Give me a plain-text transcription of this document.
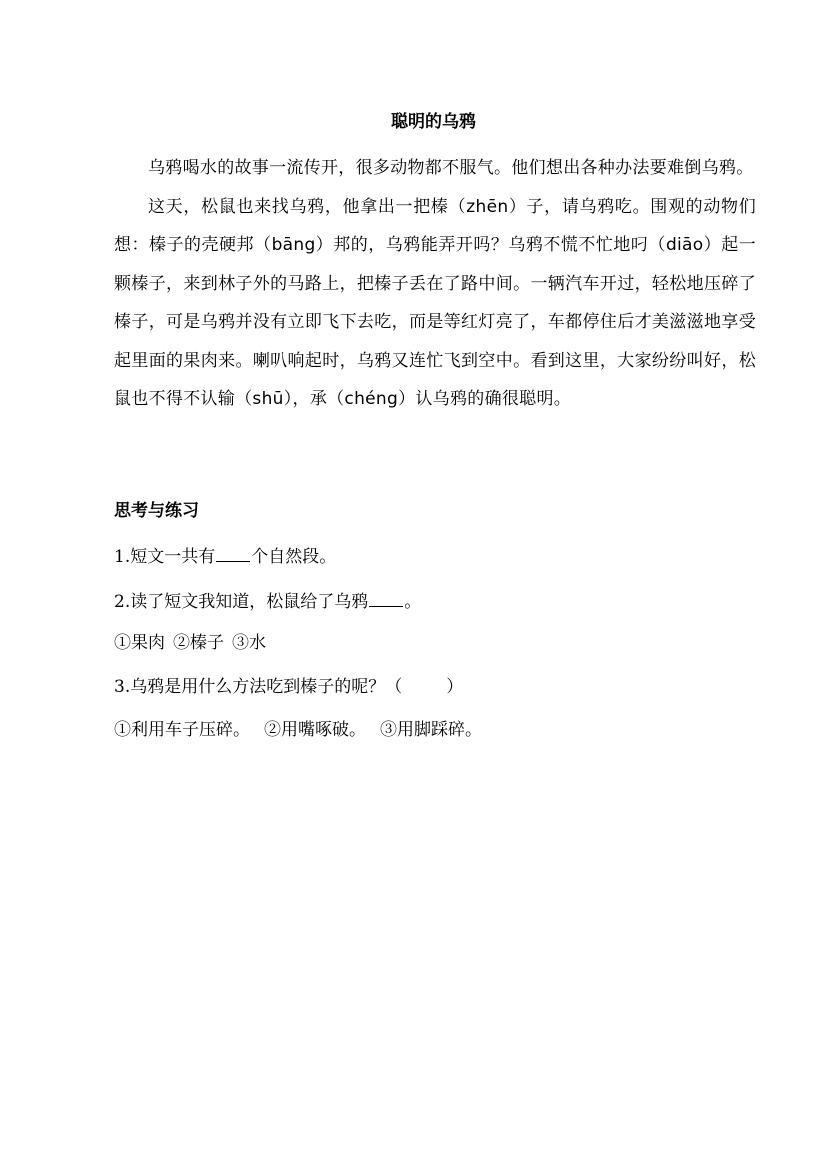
聪明的乌鸦

乌鸦喝水的故事一流传开，很多动物都不服气。他们想出各种办法要难倒乌鸦。

这天，松鼠也来找乌鸦，他拿出一把榛（zhēn）子，请乌鸦吃。围观的动物们想：榛子的壳硬邦（bāng）邦的，乌鸦能弄开吗？乌鸦不慌不忙地叼（diāo）起一颗榛子，来到林子外的马路上，把榛子丢在了路中间。一辆汽车开过，轻松地压碎了榛子，可是乌鸦并没有立即飞下去吃，而是等红灯亮了，车都停住后才美滋滋地享受起里面的果肉来。喇叭响起时，乌鸦又连忙飞到空中。看到这里，大家纷纷叫好，松鼠也不得不认输（shū），承（chéng）认乌鸦的确很聪明。

思考与练习
1.短文一共有 个自然段。
2.读了短文我知道，松鼠给了乌鸦 。
①果肉 ②榛子 ③水
3.乌鸦是用什么方法吃到榛子的呢？（	）
①利用车子压碎。 ②用嘴啄破。 ③用脚踩碎。
